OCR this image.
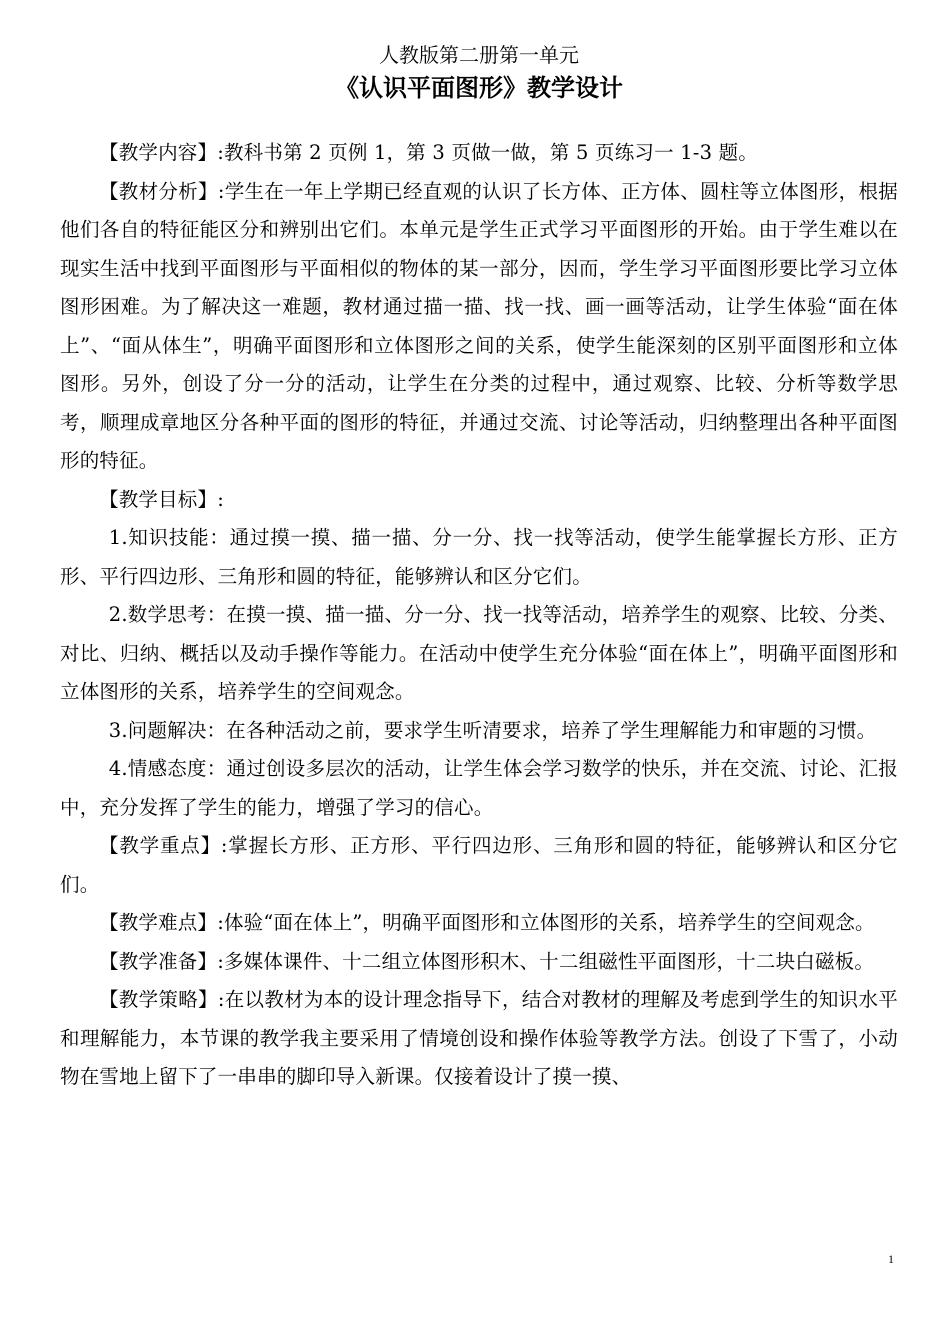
人教版第二册第一单元

《认识平面图形》教学设计

【教学内容】:教科书第 2 页例 1，第 3 页做一做，第 5 页练习一 1-3 题。

【教材分析】:学生在一年上学期已经直观的认识了长方体、正方体、圆柱等立体图形，根据他们各自的特征能区分和辨别出它们。本单元是学生正式学习平面图形的开始。由于学生难以在现实生活中找到平面图形与平面相似的物体的某一部分，因而，学生学习平面图形要比学习立体图形困难。为了解决这一难题，教材通过描一描、找一找、画一画等活动，让学生体验“面在体上”、“面从体生”，明确平面图形和立体图形之间的关系，使学生能深刻的区别平面图形和立体图形。另外，创设了分一分的活动，让学生在分类的过程中，通过观察、比较、分析等数学思考，顺理成章地区分各种平面的图形的特征，并通过交流、讨论等活动，归纳整理出各种平面图形的特征。

【教学目标】:

1.知识技能：通过摸一摸、描一描、分一分、找一找等活动，使学生能掌握长方形、正方形、平行四边形、三角形和圆的特征，能够辨认和区分它们。

2.数学思考：在摸一摸、描一描、分一分、找一找等活动，培养学生的观察、比较、分类、对比、归纳、概括以及动手操作等能力。在活动中使学生充分体验“面在体上”，明确平面图形和立体图形的关系，培养学生的空间观念。

3.问题解决：在各种活动之前，要求学生听清要求，培养了学生理解能力和审题的习惯。

4.情感态度：通过创设多层次的活动，让学生体会学习数学的快乐，并在交流、讨论、汇报中，充分发挥了学生的能力，增强了学习的信心。

【教学重点】:掌握长方形、正方形、平行四边形、三角形和圆的特征，能够辨认和区分它们。

【教学难点】:体验“面在体上”，明确平面图形和立体图形的关系，培养学生的空间观念。

【教学准备】:多媒体课件、十二组立体图形积木、十二组磁性平面图形，十二块白磁板。

【教学策略】:在以教材为本的设计理念指导下，结合对教材的理解及考虑到学生的知识水平和理解能力，本节课的教学我主要采用了情境创设和操作体验等教学方法。创设了下雪了，小动物在雪地上留下了一串串的脚印导入新课。仅接着设计了摸一摸、

1
